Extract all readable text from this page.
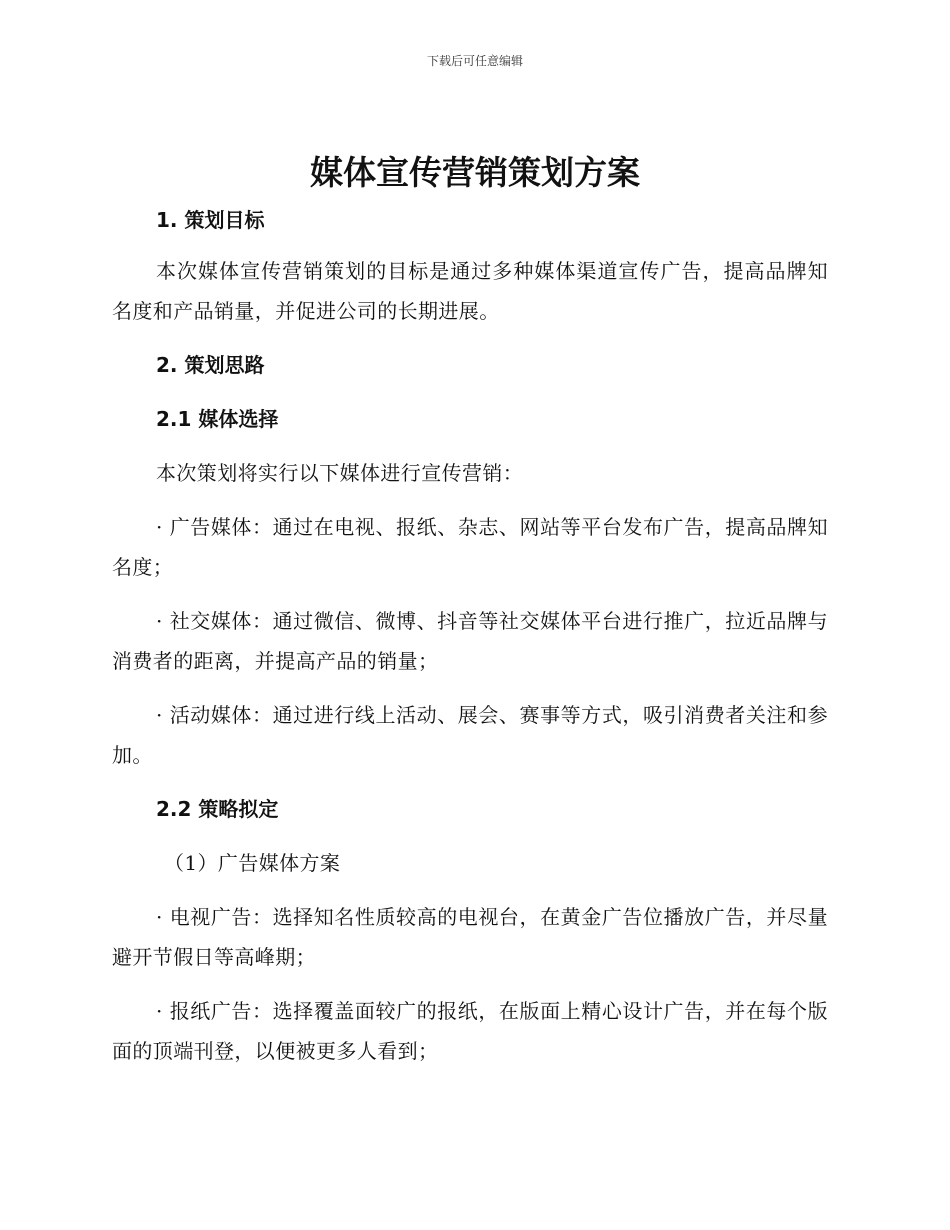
下载后可任意编辑
媒体宣传营销策划方案

1. 策划目标

本次媒体宣传营销策划的目标是通过多种媒体渠道宣传广告，提高品牌知名度和产品销量，并促进公司的长期进展。

2. 策划思路

2.1 媒体选择

本次策划将实行以下媒体进行宣传营销：

· 广告媒体：通过在电视、报纸、杂志、网站等平台发布广告，提高品牌知名度；

· 社交媒体：通过微信、微博、抖音等社交媒体平台进行推广，拉近品牌与消费者的距离，并提高产品的销量；

· 活动媒体：通过进行线上活动、展会、赛事等方式，吸引消费者关注和参加。

2.2 策略拟定

（1）广告媒体方案

· 电视广告：选择知名性质较高的电视台，在黄金广告位播放广告，并尽量避开节假日等高峰期；

· 报纸广告：选择覆盖面较广的报纸，在版面上精心设计广告，并在每个版面的顶端刊登，以便被更多人看到；
